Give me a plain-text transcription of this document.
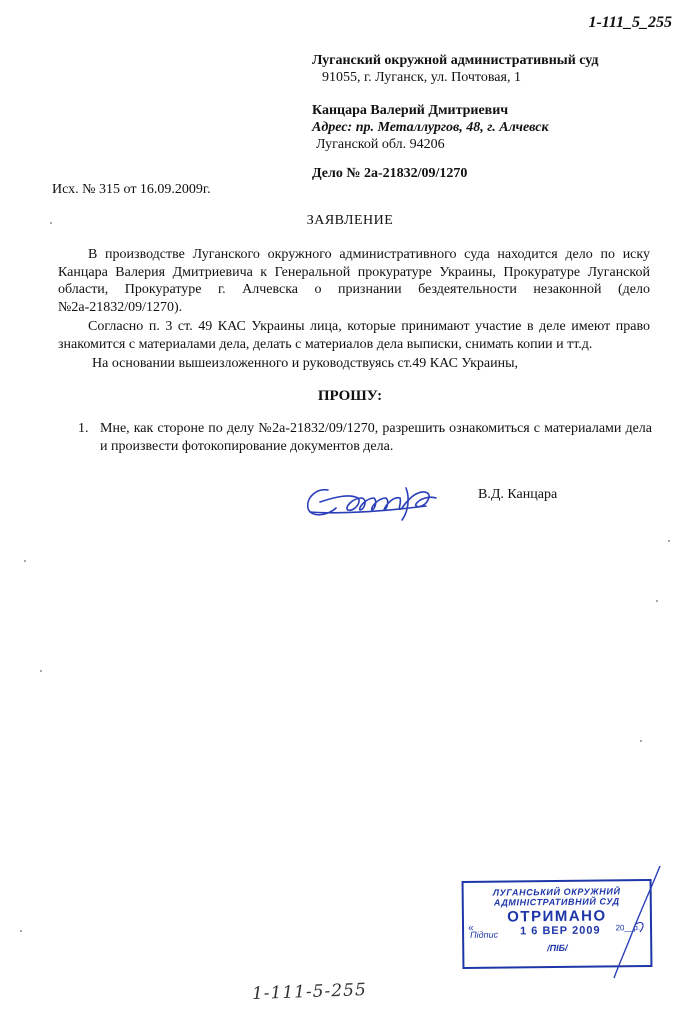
1-111_5_255
Луганский окружной административный суд
91055, г. Луганск, ул. Почтовая, 1
Канцара Валерий Дмитриевич
Адрес: пр. Металлургов, 48, г. Алчевск
Луганской обл. 94206
Дело № 2а-21832/09/1270
Исх. № 315 от 16.09.2009г.
ЗАЯВЛЕНИЕ

В производстве Луганского окружного административного суда находится дело по иску Канцара Валерия Дмитриевича к Генеральной прокуратуре Украины, Прокуратуре Луганской области, Прокуратуре г. Алчевска о признании бездеятельности незаконной (дело №2а-21832/09/1270).

Согласно п. 3 ст. 49 КАС Украины лица, которые принимают участие в деле имеют право знакомится с материалами дела, делать с материалов дела выписки, снимать копии и тт.д.

На основании вышеизложенного и руководствуясь ст.49 КАС Украины,

ПРОШУ:
1. Мне, как стороне по делу №2а-21832/09/1270, разрешить ознакомиться с материалами дела и произвести фотокопирование документов дела.
В.Д. Канцара
ЛУГАНСЬКИЙ ОКРУЖНИЙ
АДМІНІСТРАТИВНИЙ СУД
ОТРИМАНО
«
Підпис 1 6 ВЕР 2009 20__р.
/ПІБ/
1-111-5-255
